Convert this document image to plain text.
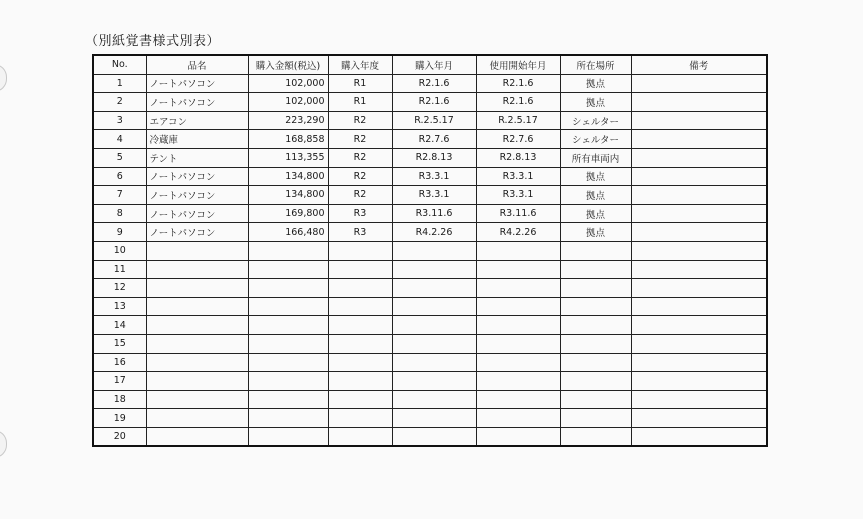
（別紙覚書様式別表）
No.	品名	購入金額(税込)	購入年度	購入年月	使用開始年月	所在場所	備考
1	ノートパソコン	102,000	R1	R2.1.6	R2.1.6	拠点	
2	ノートパソコン	102,000	R1	R2.1.6	R2.1.6	拠点	
3	エアコン	223,290	R2	R.2.5.17	R.2.5.17	シェルター	
4	冷蔵庫	168,858	R2	R2.7.6	R2.7.6	シェルター	
5	テント	113,355	R2	R2.8.13	R2.8.13	所有車両内	
6	ノートパソコン	134,800	R2	R3.3.1	R3.3.1	拠点	
7	ノートパソコン	134,800	R2	R3.3.1	R3.3.1	拠点	
8	ノートパソコン	169,800	R3	R3.11.6	R3.11.6	拠点	
9	ノートパソコン	166,480	R3	R4.2.26	R4.2.26	拠点	
10							
11							
12							
13							
14							
15							
16							
17							
18							
19							
20							
